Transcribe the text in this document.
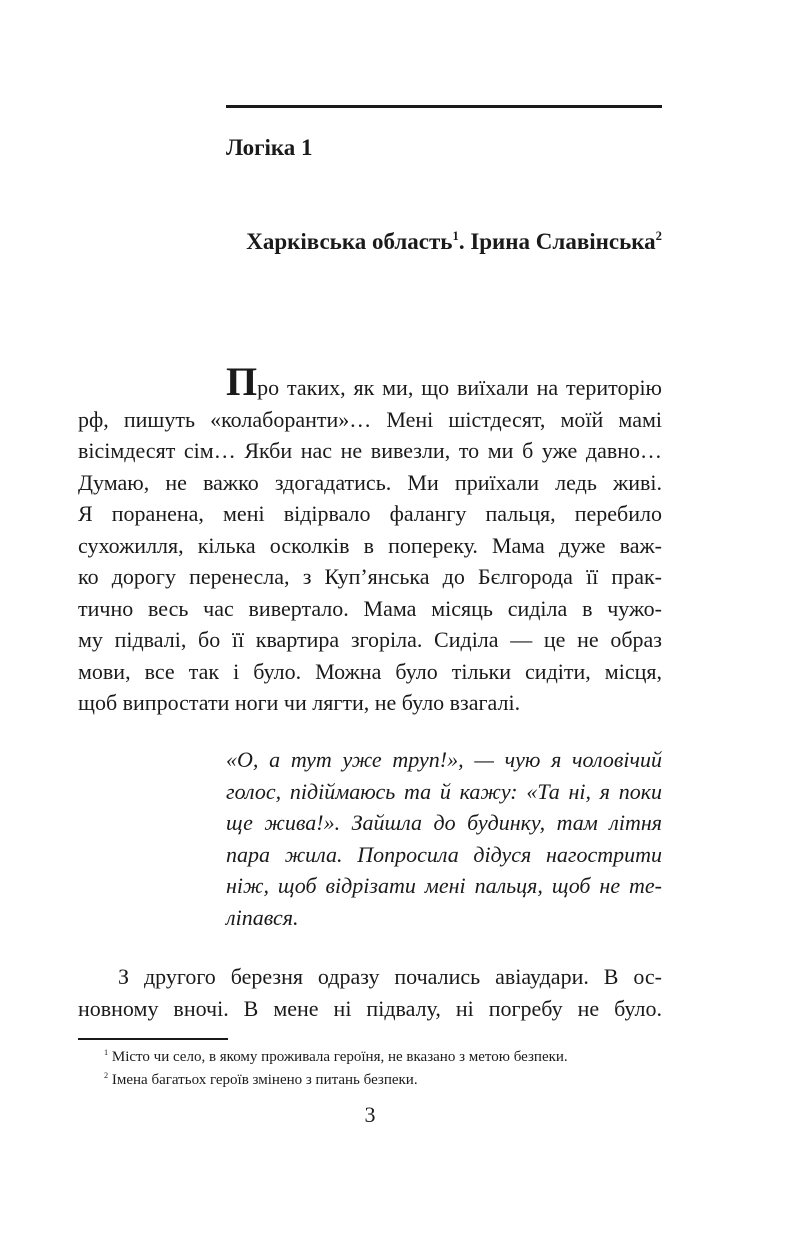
Логіка 1
Харківська область$^1$. Ірина Славінська$^2$
Про таких, як ми, що виїхали на територію
рф, пишуть «колаборанти»… Мені шістдесят, моїй мамі
вісімдесят сім… Якби нас не вивезли, то ми б уже давно…
Думаю, не важко здогадатись. Ми приїхали ледь живі.
Я поранена, мені відірвало фалангу пальця, перебило
сухожилля, кілька осколків в поперeку. Мама дуже важ-
ко дорогу перенесла, з Куп’янська до Бєлгорода її прак-
тично весь час вивертало. Мама місяць сиділа в чужо-
му підвалі, бо її квартира згоріла. Сиділа — це не образ
мови, все так і було. Можна було тільки сидіти, місця,
щоб випростати ноги чи лягти, не було взагалі.
«О, а тут уже труп!», — чую я чоловічий
голос, підіймаюсь та й кажу: «Та ні, я поки
ще жива!». Зайшла до будинку, там літня
пара жила. Попросила дідуся нагострити
ніж, щоб відрізати мені пальця, щоб не те-
ліпався.
З другого березня одразу почались авіаудари. В ос-
новному вночі. В мене ні підвалу, ні погребу не було.
$^1$ Місто чи село, в якому проживала героїня, не вказано з метою безпеки.
$^2$ Імена багатьох героїв змінено з питань безпеки.
3
